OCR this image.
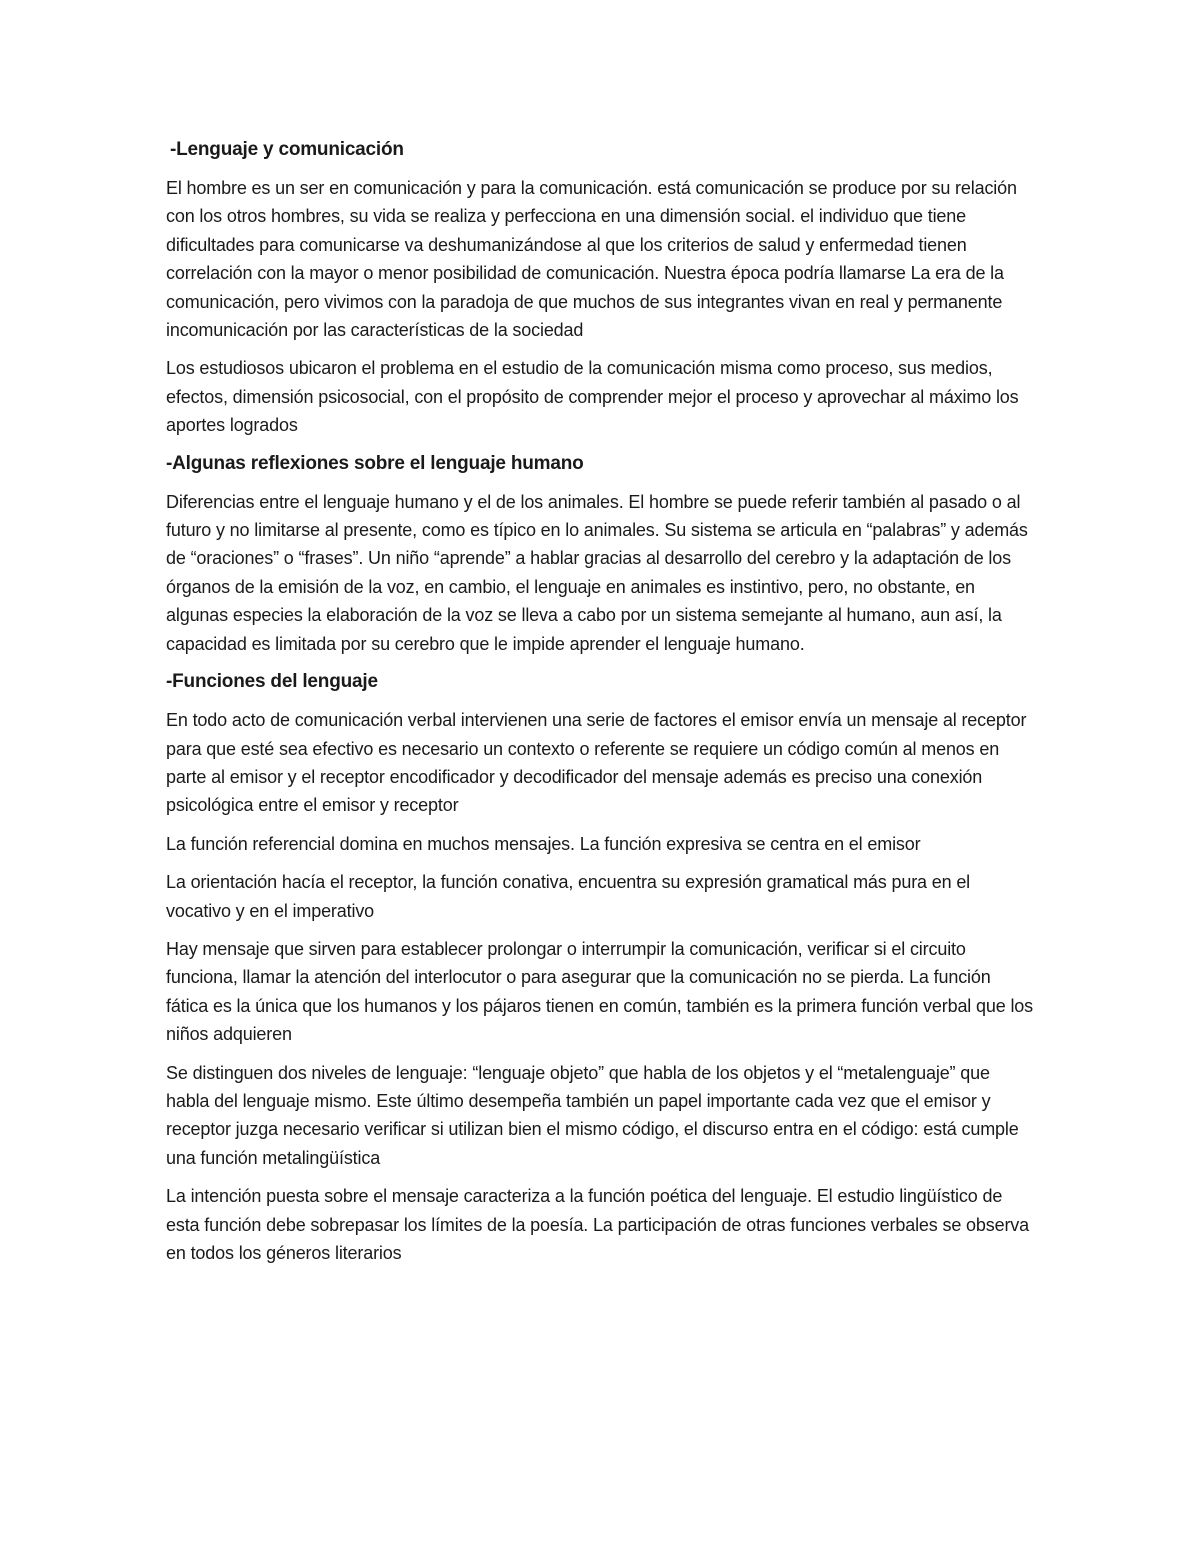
-Lenguaje y comunicación

El hombre es un ser en comunicación y para la comunicación. está comunicación se produce por su relación con los otros hombres, su vida se realiza y perfecciona en una dimensión social. el individuo que tiene dificultades para comunicarse va deshumanizándose al que los criterios de salud y enfermedad tienen correlación con la mayor o menor posibilidad de comunicación. Nuestra época podría llamarse La era de la comunicación, pero vivimos con la paradoja de que muchos de sus integrantes vivan en real y permanente incomunicación por las características de la sociedad

Los estudiosos ubicaron el problema en el estudio de la comunicación misma como proceso, sus medios, efectos, dimensión psicosocial, con el propósito de comprender mejor el proceso y aprovechar al máximo los aportes logrados

-Algunas reflexiones sobre el lenguaje humano

Diferencias entre el lenguaje humano y el de los animales. El hombre se puede referir también al pasado o al futuro y no limitarse al presente, como es típico en lo animales. Su sistema se articula en “palabras” y además de “oraciones” o “frases”. Un niño “aprende” a hablar gracias al desarrollo del cerebro y la adaptación de los órganos de la emisión de la voz, en cambio, el lenguaje en animales es instintivo, pero, no obstante, en algunas especies la elaboración de la voz se lleva a cabo por un sistema semejante al humano, aun así, la capacidad es limitada por su cerebro que le impide aprender el lenguaje humano.

-Funciones del lenguaje

En todo acto de comunicación verbal intervienen una serie de factores el emisor envía un mensaje al receptor para que esté sea efectivo es necesario un contexto o referente se requiere un código común al menos en parte al emisor y el receptor encodificador y decodificador del mensaje además es preciso una conexión psicológica entre el emisor y receptor

La función referencial domina en muchos mensajes. La función expresiva se centra en el emisor

La orientación hacía el receptor, la función conativa, encuentra su expresión gramatical más pura en el vocativo y en el imperativo

Hay mensaje que sirven para establecer prolongar o interrumpir la comunicación, verificar si el circuito funciona, llamar la atención del interlocutor o para asegurar que la comunicación no se pierda. La función fática es la única que los humanos y los pájaros tienen en común, también es la primera función verbal que los niños adquieren

Se distinguen dos niveles de lenguaje: “lenguaje objeto” que habla de los objetos y el “metalenguaje” que habla del lenguaje mismo. Este último desempeña también un papel importante cada vez que el emisor y receptor juzga necesario verificar si utilizan bien el mismo código, el discurso entra en el código: está cumple una función metalingüística

La intención puesta sobre el mensaje caracteriza a la función poética del lenguaje. El estudio lingüístico de esta función debe sobrepasar los límites de la poesía. La participación de otras funciones verbales se observa en todos los géneros literarios
